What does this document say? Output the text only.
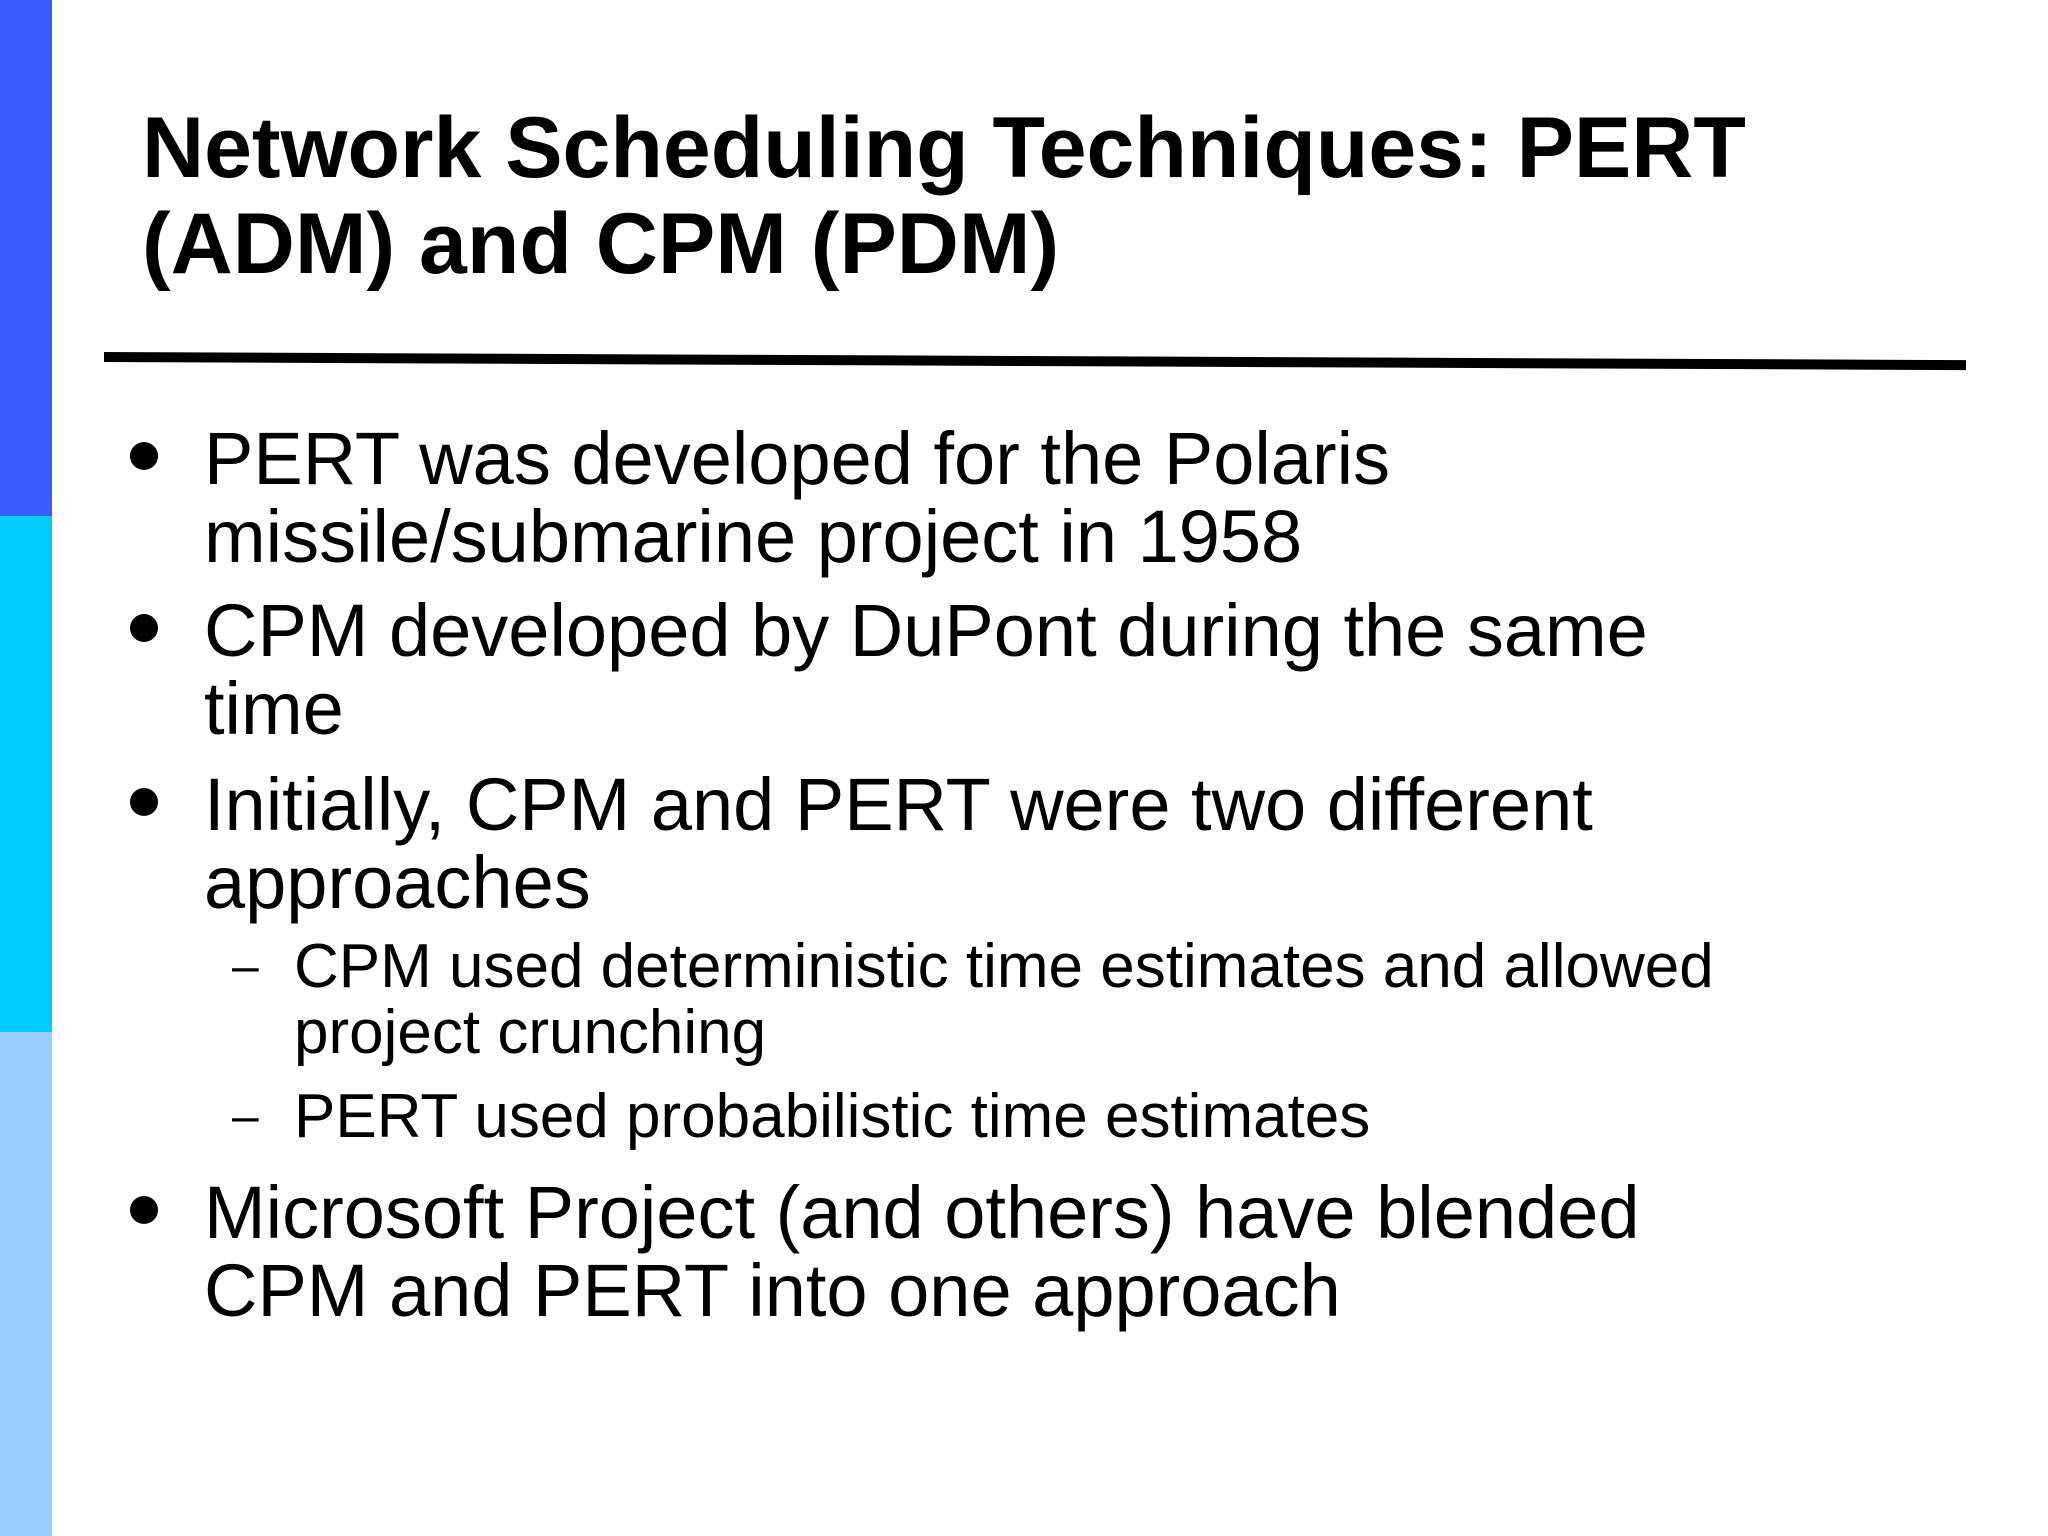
Network Scheduling Techniques: PERT
(ADM) and CPM (PDM)
PERT was developed for the Polaris
missile/submarine project in 1958
CPM developed by DuPont during the same
time
Initially, CPM and PERT were two different
approaches
– CPM used deterministic time estimates and allowed
project crunching
– PERT used probabilistic time estimates
Microsoft Project (and others) have blended
CPM and PERT into one approach
